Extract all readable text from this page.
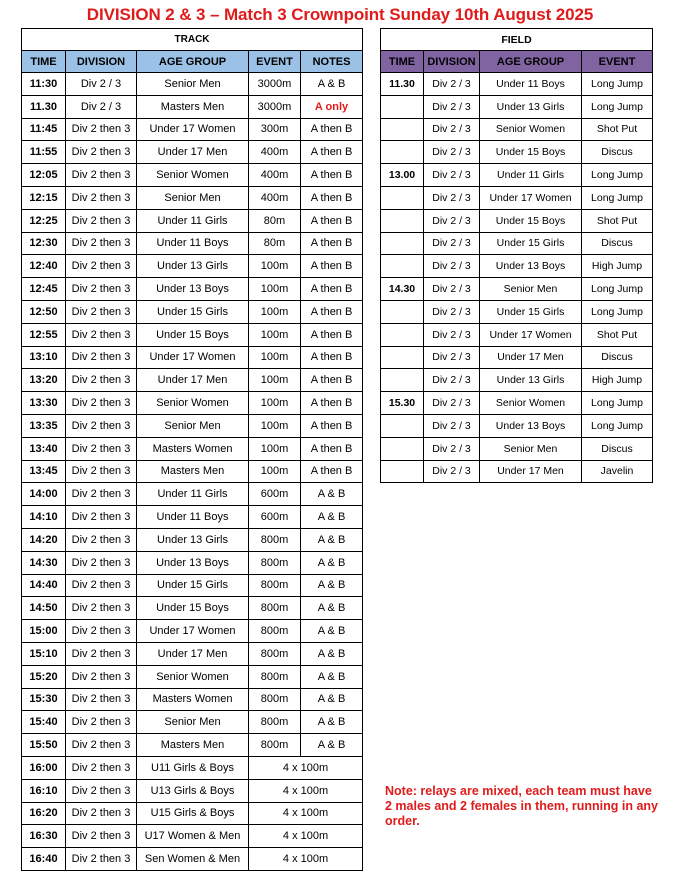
DIVISION 2 & 3 – Match 3 Crownpoint Sunday 10th August 2025
TRACK				
TIME	DIVISION	AGE GROUP	EVENT	NOTES
11:30	Div 2 / 3	Senior Men	3000m	A & B
11.30	Div 2 / 3	Masters Men	3000m	A only
11:45	Div 2 then 3	Under 17 Women	300m	A then B
11:55	Div 2 then 3	Under 17 Men	400m	A then B
12:05	Div 2 then 3	Senior Women	400m	A then B
12:15	Div 2 then 3	Senior Men	400m	A then B
12:25	Div 2 then 3	Under 11 Girls	80m	A then B
12:30	Div 2 then 3	Under 11 Boys	80m	A then B
12:40	Div 2 then 3	Under 13 Girls	100m	A then B
12:45	Div 2 then 3	Under 13 Boys	100m	A then B
12:50	Div 2 then 3	Under 15 Girls	100m	A then B
12:55	Div 2 then 3	Under 15 Boys	100m	A then B
13:10	Div 2 then 3	Under 17 Women	100m	A then B
13:20	Div 2 then 3	Under 17 Men	100m	A then B
13:30	Div 2 then 3	Senior Women	100m	A then B
13:35	Div 2 then 3	Senior Men	100m	A then B
13:40	Div 2 then 3	Masters Women	100m	A then B
13:45	Div 2 then 3	Masters Men	100m	A then B
14:00	Div 2 then 3	Under 11 Girls	600m	A & B
14:10	Div 2 then 3	Under 11 Boys	600m	A & B
14:20	Div 2 then 3	Under 13 Girls	800m	A & B
14:30	Div 2 then 3	Under 13 Boys	800m	A & B
14:40	Div 2 then 3	Under 15 Girls	800m	A & B
14:50	Div 2 then 3	Under 15 Boys	800m	A & B
15:00	Div 2 then 3	Under 17 Women	800m	A & B
15:10	Div 2 then 3	Under 17 Men	800m	A & B
15:20	Div 2 then 3	Senior Women	800m	A & B
15:30	Div 2 then 3	Masters Women	800m	A & B
15:40	Div 2 then 3	Senior Men	800m	A & B
15:50	Div 2 then 3	Masters Men	800m	A & B
16:00	Div 2 then 3	U11 Girls & Boys	4 x 100m	
16:10	Div 2 then 3	U13 Girls & Boys	4 x 100m	
16:20	Div 2 then 3	U15 Girls & Boys	4 x 100m	
16:30	Div 2 then 3	U17 Women & Men	4 x 100m	
16:40	Div 2 then 3	Sen Women & Men	4 x 100m	
FIELD			
TIME	DIVISION	AGE GROUP	EVENT
11.30	Div 2 / 3	Under 11 Boys	Long Jump
	Div 2 / 3	Under 13 Girls	Long Jump
	Div 2 / 3	Senior Women	Shot Put
	Div 2 / 3	Under 15 Boys	Discus
13.00	Div 2 / 3	Under 11 Girls	Long Jump
	Div 2 / 3	Under 17 Women	Long Jump
	Div 2 / 3	Under 15 Boys	Shot Put
	Div 2 / 3	Under 15 Girls	Discus
	Div 2 / 3	Under 13 Boys	High Jump
14.30	Div 2 / 3	Senior Men	Long Jump
	Div 2 / 3	Under 15 Girls	Long Jump
	Div 2 / 3	Under 17 Women	Shot Put
	Div 2 / 3	Under 17 Men	Discus
	Div 2 / 3	Under 13 Girls	High Jump
15.30	Div 2 / 3	Senior Women	Long Jump
	Div 2 / 3	Under 13 Boys	Long Jump
	Div 2 / 3	Senior Men	Discus
	Div 2 / 3	Under 17 Men	Javelin
Note: relays are mixed, each team must have 2 males and 2 females in them, running in any order.
